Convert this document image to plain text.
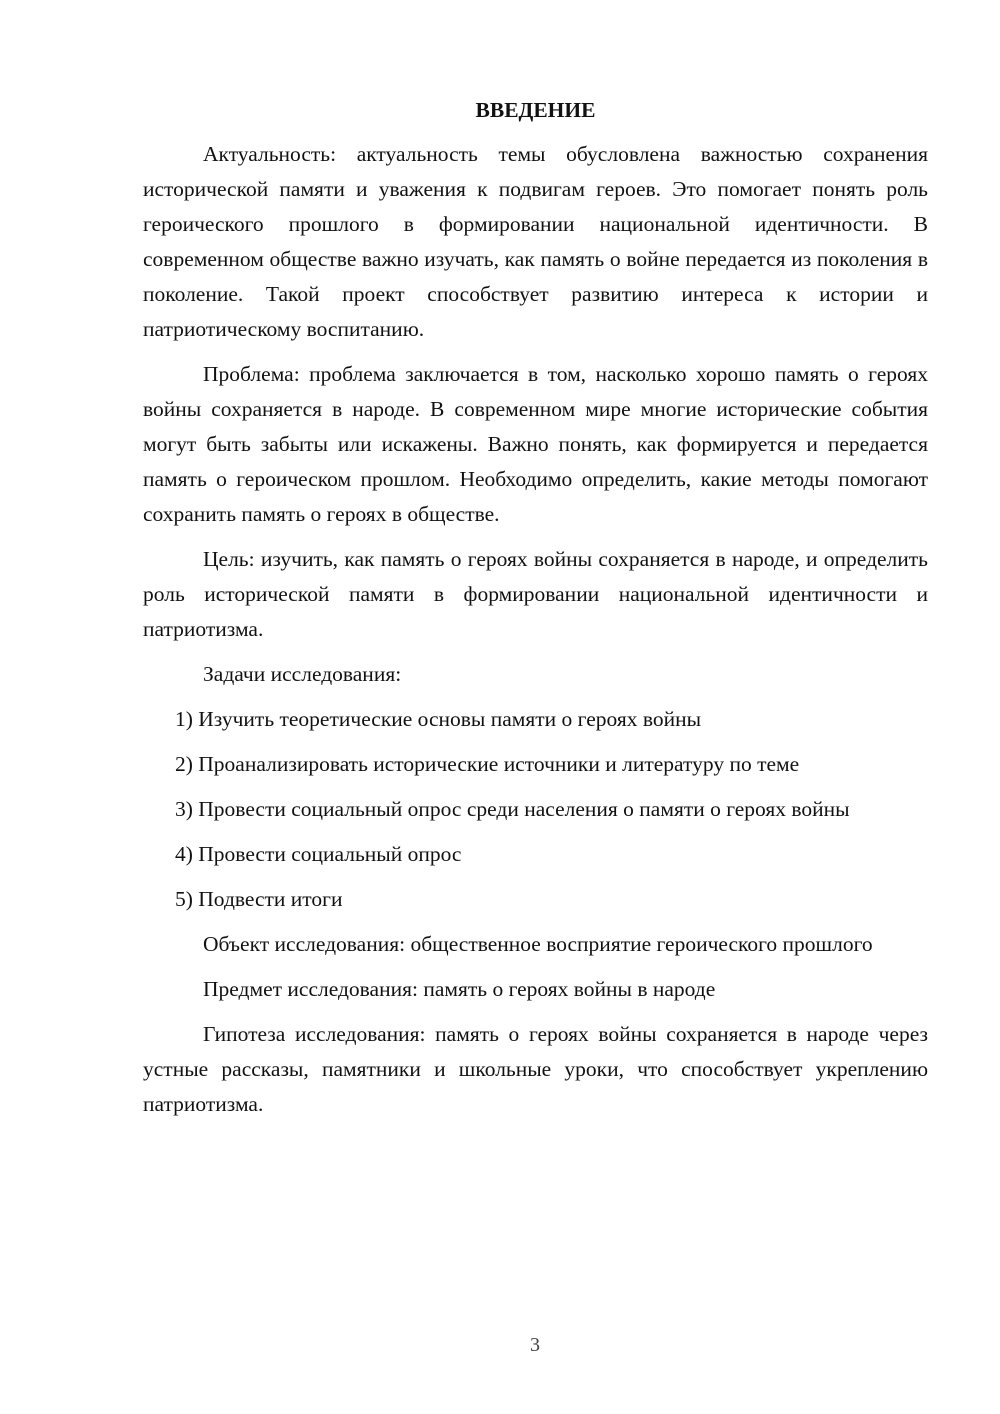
ВВЕДЕНИЕ

Актуальность: актуальность темы обусловлена важностью сохранения исторической памяти и уважения к подвигам героев. Это помогает понять роль героического прошлого в формировании национальной идентичности. В современном обществе важно изучать, как память о войне передается из поколения в поколение. Такой проект способствует развитию интереса к истории и патриотическому воспитанию.

Проблема: проблема заключается в том, насколько хорошо память о героях войны сохраняется в народе. В современном мире многие исторические события могут быть забыты или искажены. Важно понять, как формируется и передается память о героическом прошлом. Необходимо определить, какие методы помогают сохранить память о героях в обществе.

Цель: изучить, как память о героях войны сохраняется в народе, и определить роль исторической памяти в формировании национальной идентичности и патриотизма.

Задачи исследования:

1) Изучить теоретические основы памяти о героях войны

2) Проанализировать исторические источники и литературу по теме

3) Провести социальный опрос среди населения о памяти о героях войны

4) Провести социальный опрос

5) Подвести итоги

Объект исследования: общественное восприятие героического прошлого

Предмет исследования: память о героях войны в народе

Гипотеза исследования: память о героях войны сохраняется в народе через устные рассказы, памятники и школьные уроки, что способствует укреплению патриотизма.

3
